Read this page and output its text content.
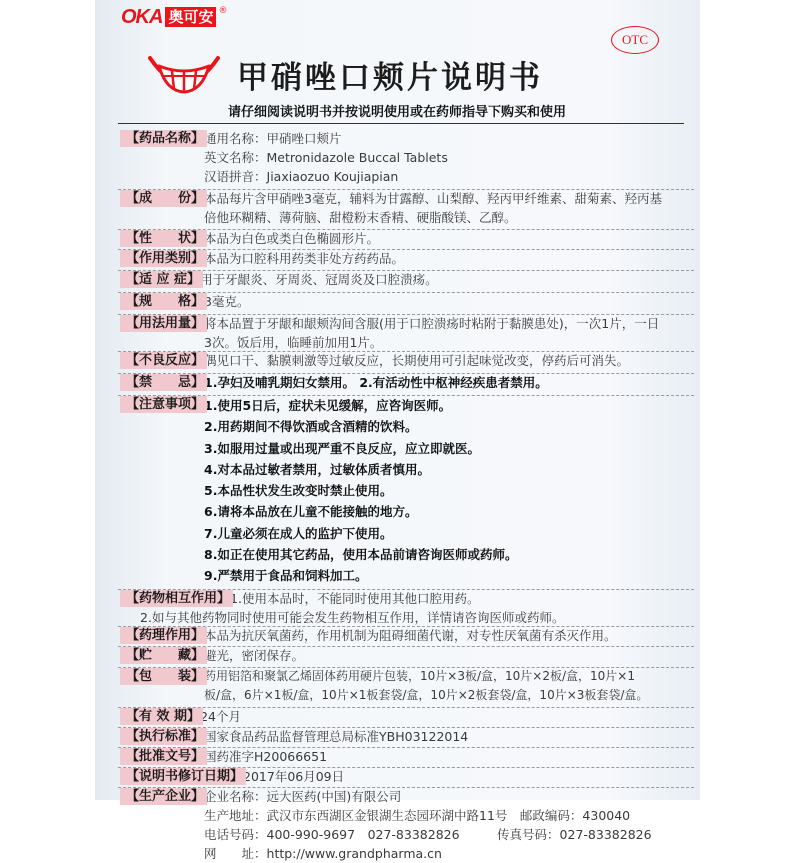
OKA 奥可安 ®
OTC
甲硝唑口颊片说明书
请仔细阅读说明书并按说明使用或在药师指导下购买和使用
【药品名称】 通用名称：甲硝唑口颊片
英文名称：Metronidazole Buccal Tablets
汉语拼音：Jiaxiaozuo Koujiapian
【成　　份】 本品每片含甲硝唑3毫克，辅料为甘露醇、山梨醇、羟丙甲纤维素、甜菊素、羟丙基
倍他环糊精、薄荷脑、甜橙粉末香精、硬脂酸镁、乙醇。
【性　　状】 本品为白色或类白色椭圆形片。
【作用类别】 本品为口腔科用药类非处方药药品。
【适 应 症】 用于牙龈炎、牙周炎、冠周炎及口腔溃疡。
【规　　格】 3毫克。
【用法用量】 将本品置于牙龈和龈颊沟间含服(用于口腔溃疡时粘附于黏膜患处)，一次1片，一日
3次。饭后用，临睡前加用1片。
【不良反应】 偶见口干、黏膜刺激等过敏反应，长期使用可引起味觉改变，停药后可消失。
【禁　　忌】 1.孕妇及哺乳期妇女禁用。 2.有活动性中枢神经疾患者禁用。
【注意事项】 1.使用5日后，症状未见缓解，应咨询医师。
2.用药期间不得饮酒或含酒精的饮料。
3.如服用过量或出现严重不良反应，应立即就医。
4.对本品过敏者禁用，过敏体质者慎用。
5.本品性状发生改变时禁止使用。
6.请将本品放在儿童不能接触的地方。
7.儿童必须在成人的监护下使用。
8.如正在使用其它药品，使用本品前请咨询医师或药师。
9.严禁用于食品和饲料加工。
【药物相互作用】 1.使用本品时，不能同时使用其他口腔用药。
2.如与其他药物同时使用可能会发生药物相互作用，详情请咨询医师或药师。
【药理作用】 本品为抗厌氧菌药，作用机制为阻碍细菌代谢，对专性厌氧菌有杀灭作用。
【贮　　藏】 避光，密闭保存。
【包　　装】 药用铝箔和聚氯乙烯固体药用硬片包装，10片×3板/盒，10片×2板/盒，10片×1
板/盒，6片×1板/盒，10片×1板套袋/盒，10片×2板套袋/盒，10片×3板套袋/盒。
【有 效 期】 24个月
【执行标准】 国家食品药品监督管理总局标准YBH03122014
【批准文号】 国药准字H20066651
【说明书修订日期】 2017年06月09日
【生产企业】 企业名称：远大医药(中国)有限公司
生产地址：武汉市东西湖区金银湖生态园环湖中路11号　邮政编码：430040
电话号码：400-990-9697　027-83382826　　　传真号码：027-83382826
网　　址：http://www.grandpharma.cn
